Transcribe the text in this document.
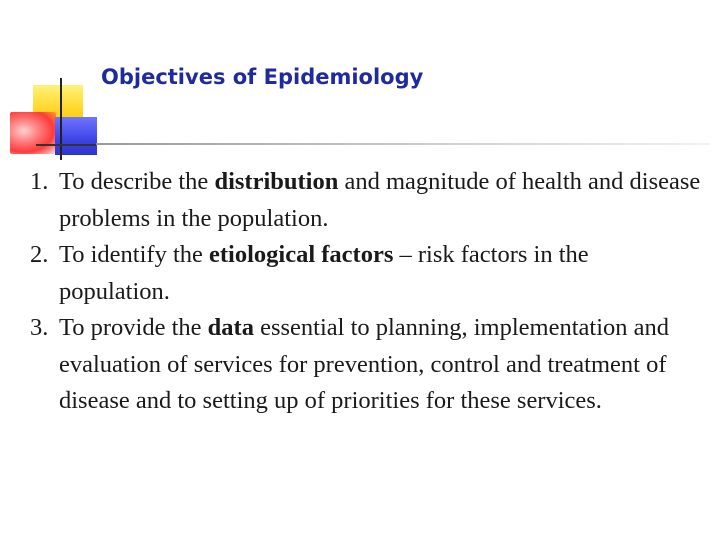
Objectives of Epidemiology
1. To describe the distribution and magnitude of health and disease problems in the population.
2. To identify the etiological factors – risk factors in the population.
3. To provide the data essential to planning, implementation and evaluation of services for prevention, control and treatment of disease and to setting up of priorities for these services.
